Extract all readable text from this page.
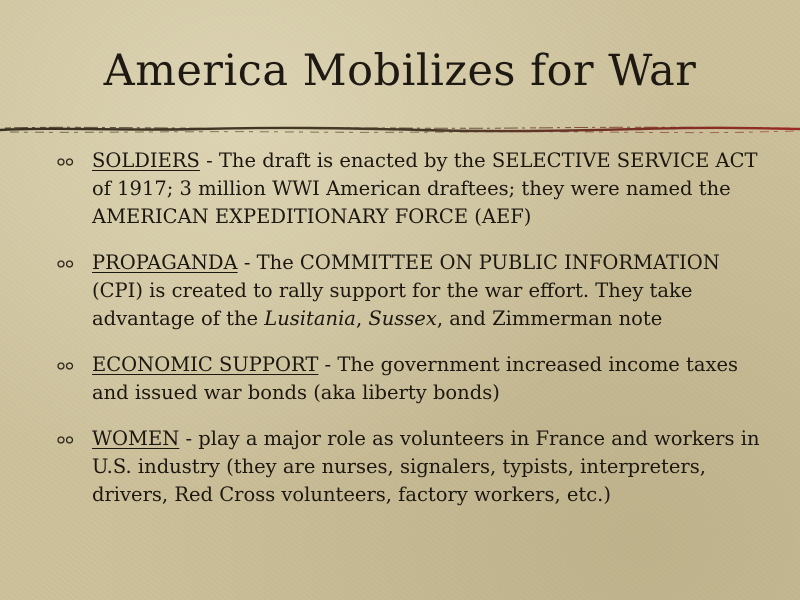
America Mobilizes for War
SOLDIERS - The draft is enacted by the SELECTIVE SERVICE ACT of 1917; 3 million WWI American draftees; they were named the AMERICAN EXPEDITIONARY FORCE (AEF)
PROPAGANDA - The COMMITTEE ON PUBLIC INFORMATION (CPI) is created to rally support for the war effort. They take advantage of the Lusitania, Sussex, and Zimmerman note
ECONOMIC SUPPORT - The government increased income taxes and issued war bonds (aka liberty bonds)
WOMEN - play a major role as volunteers in France and workers in U.S. industry (they are nurses, signalers, typists, interpreters, drivers, Red Cross volunteers, factory workers, etc.)
